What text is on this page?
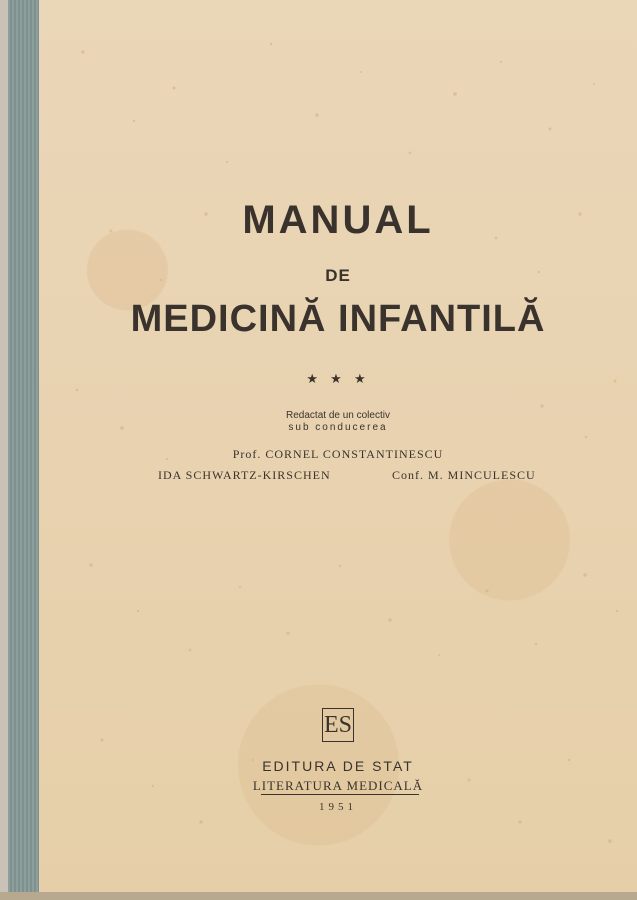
MANUAL
DE
MEDICINĂ INFANTILĂ
★ ★ ★
Redactat de un colectiv
sub conducerea
Prof. CORNEL CONSTANTINESCU
IDA SCHWARTZ-KIRSCHEN	Conf. M. MINCULESCU
ES
EDITURA DE STAT
LITERATURA MEDICALĂ
1951
